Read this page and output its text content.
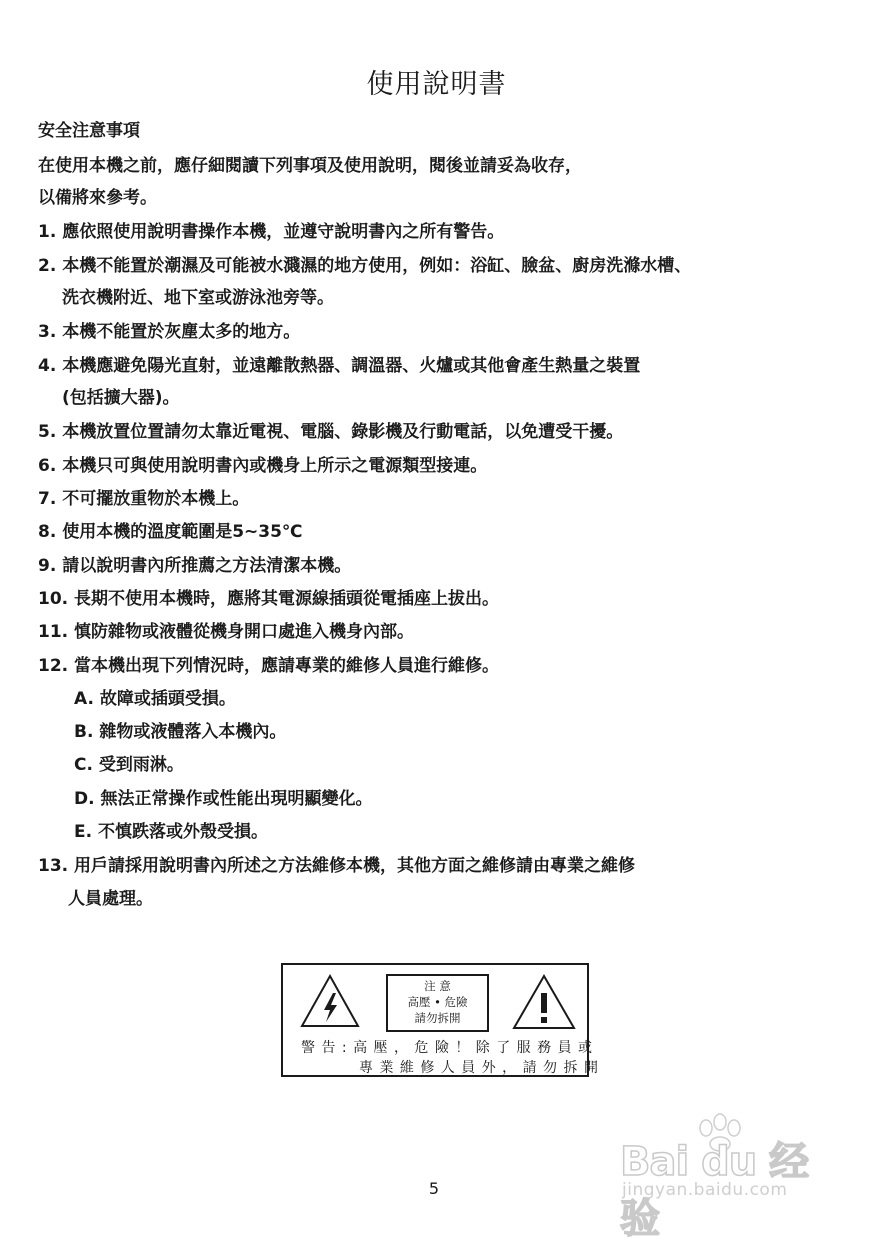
使用說明書
安全注意事項
在使用本機之前，應仔細閱讀下列事項及使用說明，閱後並請妥為收存，
以備將來參考。
1. 應依照使用說明書操作本機，並遵守說明書內之所有警告。
2. 本機不能置於潮濕及可能被水濺濕的地方使用，例如：浴缸、臉盆、廚房洗滌水槽、
洗衣機附近、地下室或游泳池旁等。
3. 本機不能置於灰塵太多的地方。
4. 本機應避免陽光直射，並遠離散熱器、調溫器、火爐或其他會產生熱量之裝置
(包括擴大器)。
5. 本機放置位置請勿太靠近電視、電腦、錄影機及行動電話，以免遭受干擾。
6. 本機只可與使用說明書內或機身上所示之電源類型接連。
7. 不可擺放重物於本機上。
8. 使用本機的溫度範圍是5~35℃
9. 請以說明書內所推薦之方法清潔本機。
10. 長期不使用本機時，應將其電源線插頭從電插座上拔出。
11. 慎防雜物或液體從機身開口處進入機身內部。
12. 當本機出現下列情況時，應請專業的維修人員進行維修。
A. 故障或插頭受損。
B. 雜物或液體落入本機內。
C. 受到雨淋。
D. 無法正常操作或性能出現明顯變化。
E. 不慎跌落或外殼受損。
13. 用戶請採用說明書內所述之方法維修本機，其他方面之維修請由專業之維修
人員處理。
注 意
高壓 • 危險
請勿拆開
警 告 : 高 壓 ， 危 險 ！ 除 了 服 務 員 或
專 業 維 修 人 員 外 ， 請 勿 拆 開
5
Bai du 经验
jingyan.baidu.com
